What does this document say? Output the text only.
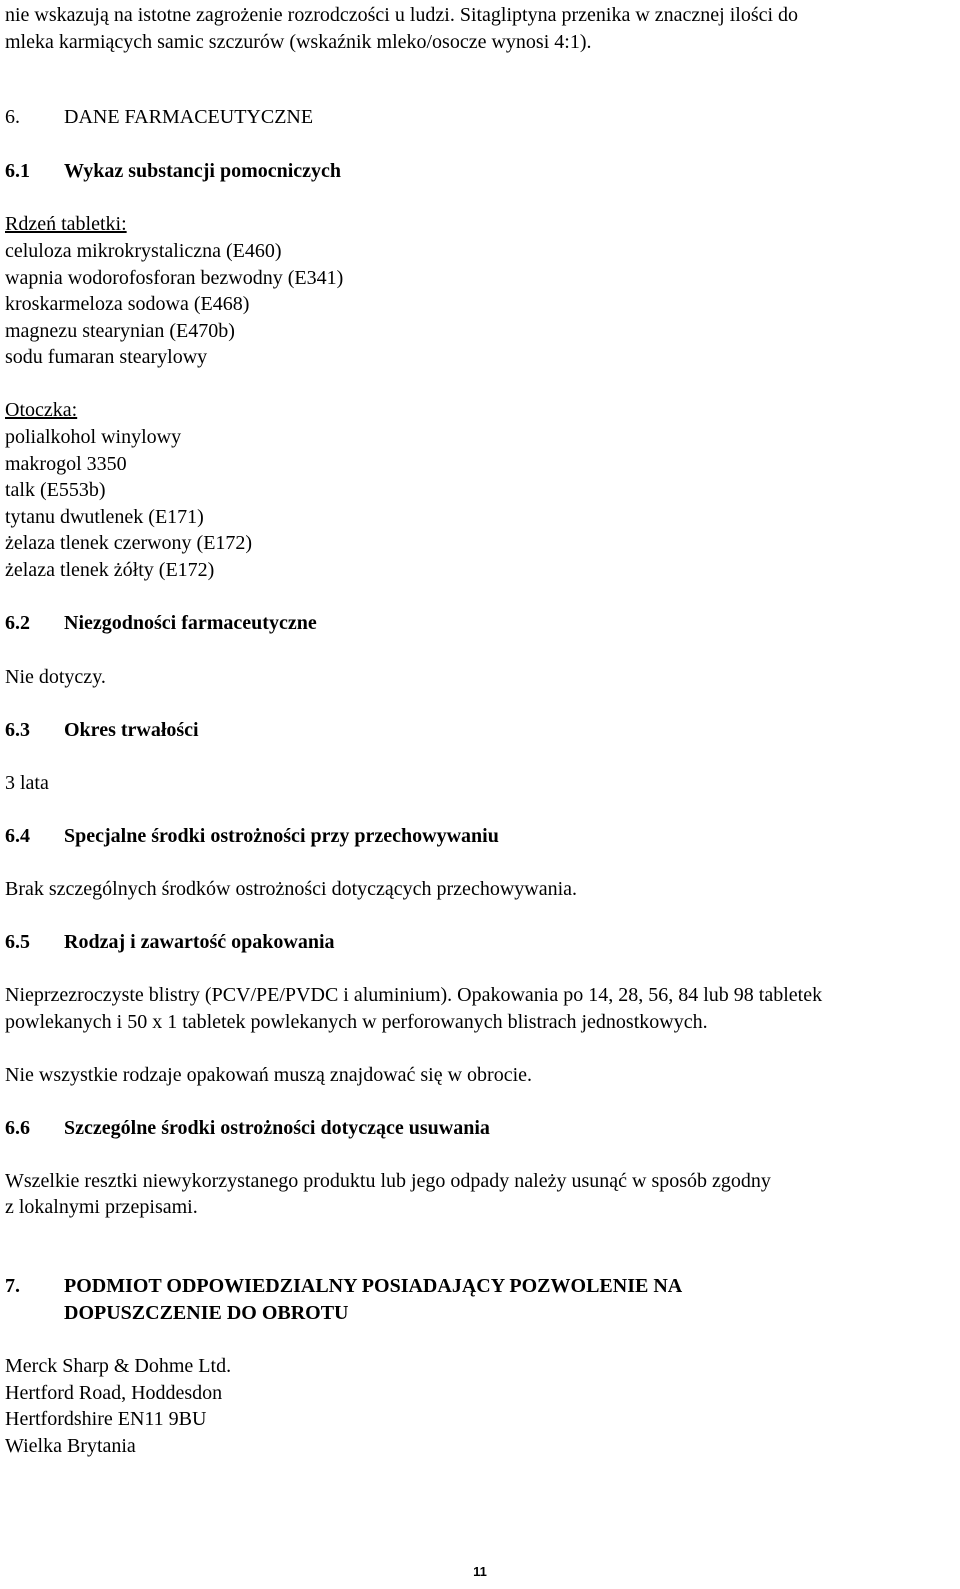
nie wskazują na istotne zagrożenie rozrodczości u ludzi. Sitagliptyna przenika w znacznej ilości do

mleka karmiących samic szczurów (wskaźnik mleko/osocze wynosi 4:1).

6. DANE FARMACEUTYCZNE
6.1 Wykaz substancji pomocniczych

Rdzeń tabletki:

celuloza mikrokrystaliczna (E460)

wapnia wodorofosforan bezwodny (E341)

kroskarmeloza sodowa (E468)

magnezu stearynian (E470b)

sodu fumaran stearylowy

Otoczka:

polialkohol winylowy

makrogol 3350

talk (E553b)

tytanu dwutlenek (E171)

żelaza tlenek czerwony (E172)

żelaza tlenek żółty (E172)

6.2 Niezgodności farmaceutyczne

Nie dotyczy.

6.3 Okres trwałości

3 lata

6.4 Specjalne środki ostrożności przy przechowywaniu

Brak szczególnych środków ostrożności dotyczących przechowywania.

6.5 Rodzaj i zawartość opakowania

Nieprzezroczyste blistry (PCV/PE/PVDC i aluminium). Opakowania po 14, 28, 56, 84 lub 98 tabletek

powlekanych i 50 x 1 tabletek powlekanych w perforowanych blistrach jednostkowych.

Nie wszystkie rodzaje opakowań muszą znajdować się w obrocie.

6.6 Szczególne środki ostrożności dotyczące usuwania

Wszelkie resztki niewykorzystanego produktu lub jego odpady należy usunąć w sposób zgodny

z lokalnymi przepisami.

7. PODMIOT ODPOWIEDZIALNY POSIADAJĄCY POZWOLENIE NA
DOPUSZCZENIE DO OBROTU

Merck Sharp & Dohme Ltd.

Hertford Road, Hoddesdon

Hertfordshire EN11 9BU

Wielka Brytania

11
